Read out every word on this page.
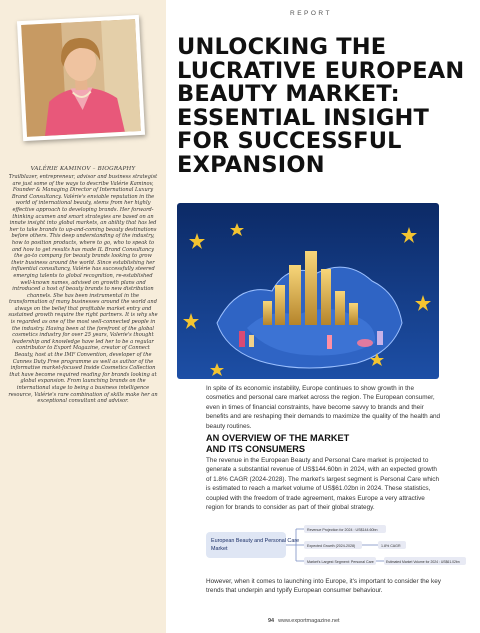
VALÉRIE KAMINOV – BIOGRAPHY

Trailblazer, entrepreneur, advisor and business strategist are just some of the ways to describe Valérie Kaminov, Founder & Managing Director of International Luxury Brand Consultancy. Valérie's enviable reputation in the world of international beauty, stems from her highly effective approach to developing brands. Her forward-thinking acumen and smart strategies are based on an innate insight into global markets, an ability that has led her to take brands to up-and-coming beauty destinations before others. This deep understanding of the industry, how to position products, where to go, who to speak to and how to get results has made IL Brand Consultancy the go-to company for beauty brands looking to grow their business around the world. Since establishing her influential consultancy, Valérie has successfully steered emerging talents to global recognition, re-established well-known names, advised on growth plans and introduced a host of beauty brands to new distribution channels. She has been instrumental in the transformation of many businesses around the world and always on the belief that profitable market entry and sustained growth require the right partners. It is why she is regarded as one of the most well-connected people in the industry. Having been at the forefront of the global cosmetics industry for over 25 years, Valerie's thought leadership and knowledge have led her to be a regular contributor to Export Magazine, creator of Connect Beauty, host at the IMF Convention, developer of the Cannes Duty Free programme as well as author of the informative market-focused Inside Cosmetics Collection that have become required reading for brands looking at global expansion. From launching brands on the international stage to being a business intelligence resource, Valérie's rare combination of skills make her an exceptional consultant and advisor.

REPORT
UNLOCKING THE LUCRATIVE EUROPEAN BEAUTY MARKET: ESSENTIAL INSIGHT FOR SUCCESSFUL EXPANSION

In spite of its economic instability, Europe continues to show growth in the cosmetics and personal care market across the region. The European consumer, even in times of financial constraints, have become savvy to brands and their benefits and are reshaping their demands to maximize the quality of the health and beauty routines.

AN OVERVIEW OF THE MARKET
AND ITS CONSUMERS

The revenue in the European Beauty and Personal Care market is projected to generate a substantial revenue of US$144.60bn in 2024, with an expected growth of 1.8% CAGR (2024-2028). The market's largest segment is Personal Care which is estimated to reach a market volume of US$61.02bn in 2024. These statistics, coupled with the freedom of trade agreement, makes Europe a very attractive region for brands to consider as part of their global strategy.

European Beauty and Personal Care
Market
Revenue Projection for 2024 : US$144.60bn
Expected Growth (2024-2028)	1.8% CAGR
Market's Largest Segment: Personal Care	Estimated Market Volume for 2024 : US$61.02bn

However, when it comes to launching into Europe, it's important to consider the key trends that underpin and typify European consumer behaviour.

94 www.exportmagazine.net
